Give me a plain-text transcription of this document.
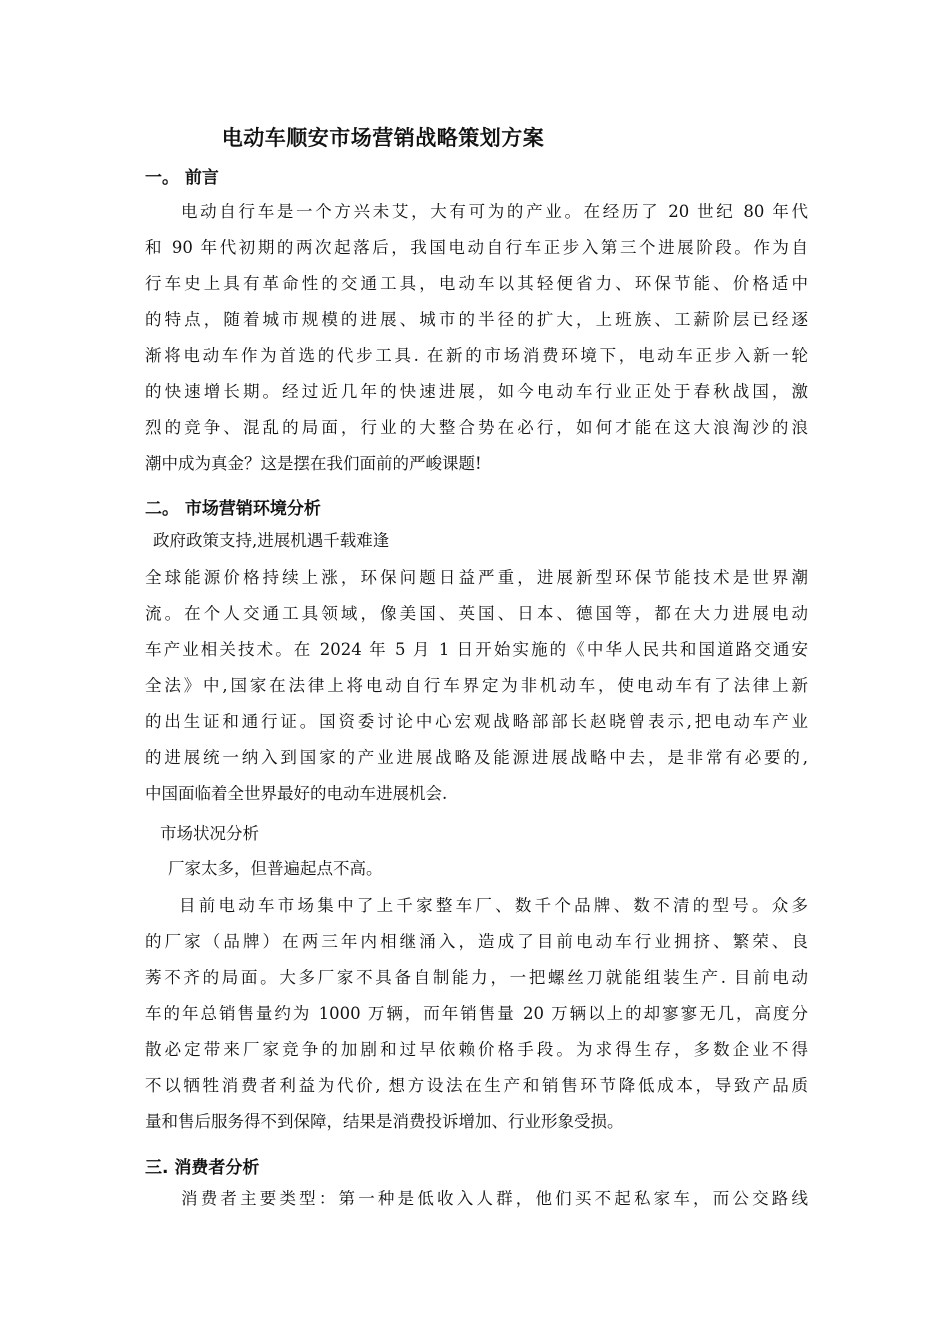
电动车顺安市场营销战略策划方案
一。 前言
电动自行车是一个方兴未艾，大有可为的产业。在经历了 20 世纪 80 年代
和 90 年代初期的两次起落后，我国电动自行车正步入第三个进展阶段。作为自
行车史上具有革命性的交通工具，电动车以其轻便省力、环保节能、价格适中
的特点，随着城市规模的进展、城市的半径的扩大，上班族、工薪阶层已经逐
渐将电动车作为首选的代步工具. 在新的市场消费环境下，电动车正步入新一轮
的快速增长期。经过近几年的快速进展，如今电动车行业正处于春秋战国，激
烈的竞争、混乱的局面，行业的大整合势在必行，如何才能在这大浪淘沙的浪
潮中成为真金？这是摆在我们面前的严峻课题!
二。 市场营销环境分析
政府政策支持,进展机遇千载难逢
全球能源价格持续上涨，环保问题日益严重，进展新型环保节能技术是世界潮
流。在个人交通工具领域，像美国、英国、日本、德国等，都在大力进展电动
车产业相关技术。在 2024 年 5 月 1 日开始实施的《中华人民共和国道路交通安
全法》中,国家在法律上将电动自行车界定为非机动车，使电动车有了法律上新
的出生证和通行证。国资委讨论中心宏观战略部部长赵晓曾表示,把电动车产业
的进展统一纳入到国家的产业进展战略及能源进展战略中去，是非常有必要的,
中国面临着全世界最好的电动车进展机会.
市场状况分析
厂家太多，但普遍起点不高。
目前电动车市场集中了上千家整车厂、数千个品牌、数不清的型号。众多
的厂家（品牌）在两三年内相继涌入，造成了目前电动车行业拥挤、繁荣、良
莠不齐的局面。大多厂家不具备自制能力，一把螺丝刀就能组装生产. 目前电动
车的年总销售量约为 1000 万辆，而年销售量 20 万辆以上的却寥寥无几，高度分
散必定带来厂家竞争的加剧和过早依赖价格手段。为求得生存，多数企业不得
不以牺牲消费者利益为代价, 想方设法在生产和销售环节降低成本，导致产品质
量和售后服务得不到保障，结果是消费投诉增加、行业形象受损。
三. 消费者分析
消费者主要类型：第一种是低收入人群，他们买不起私家车，而公交路线
